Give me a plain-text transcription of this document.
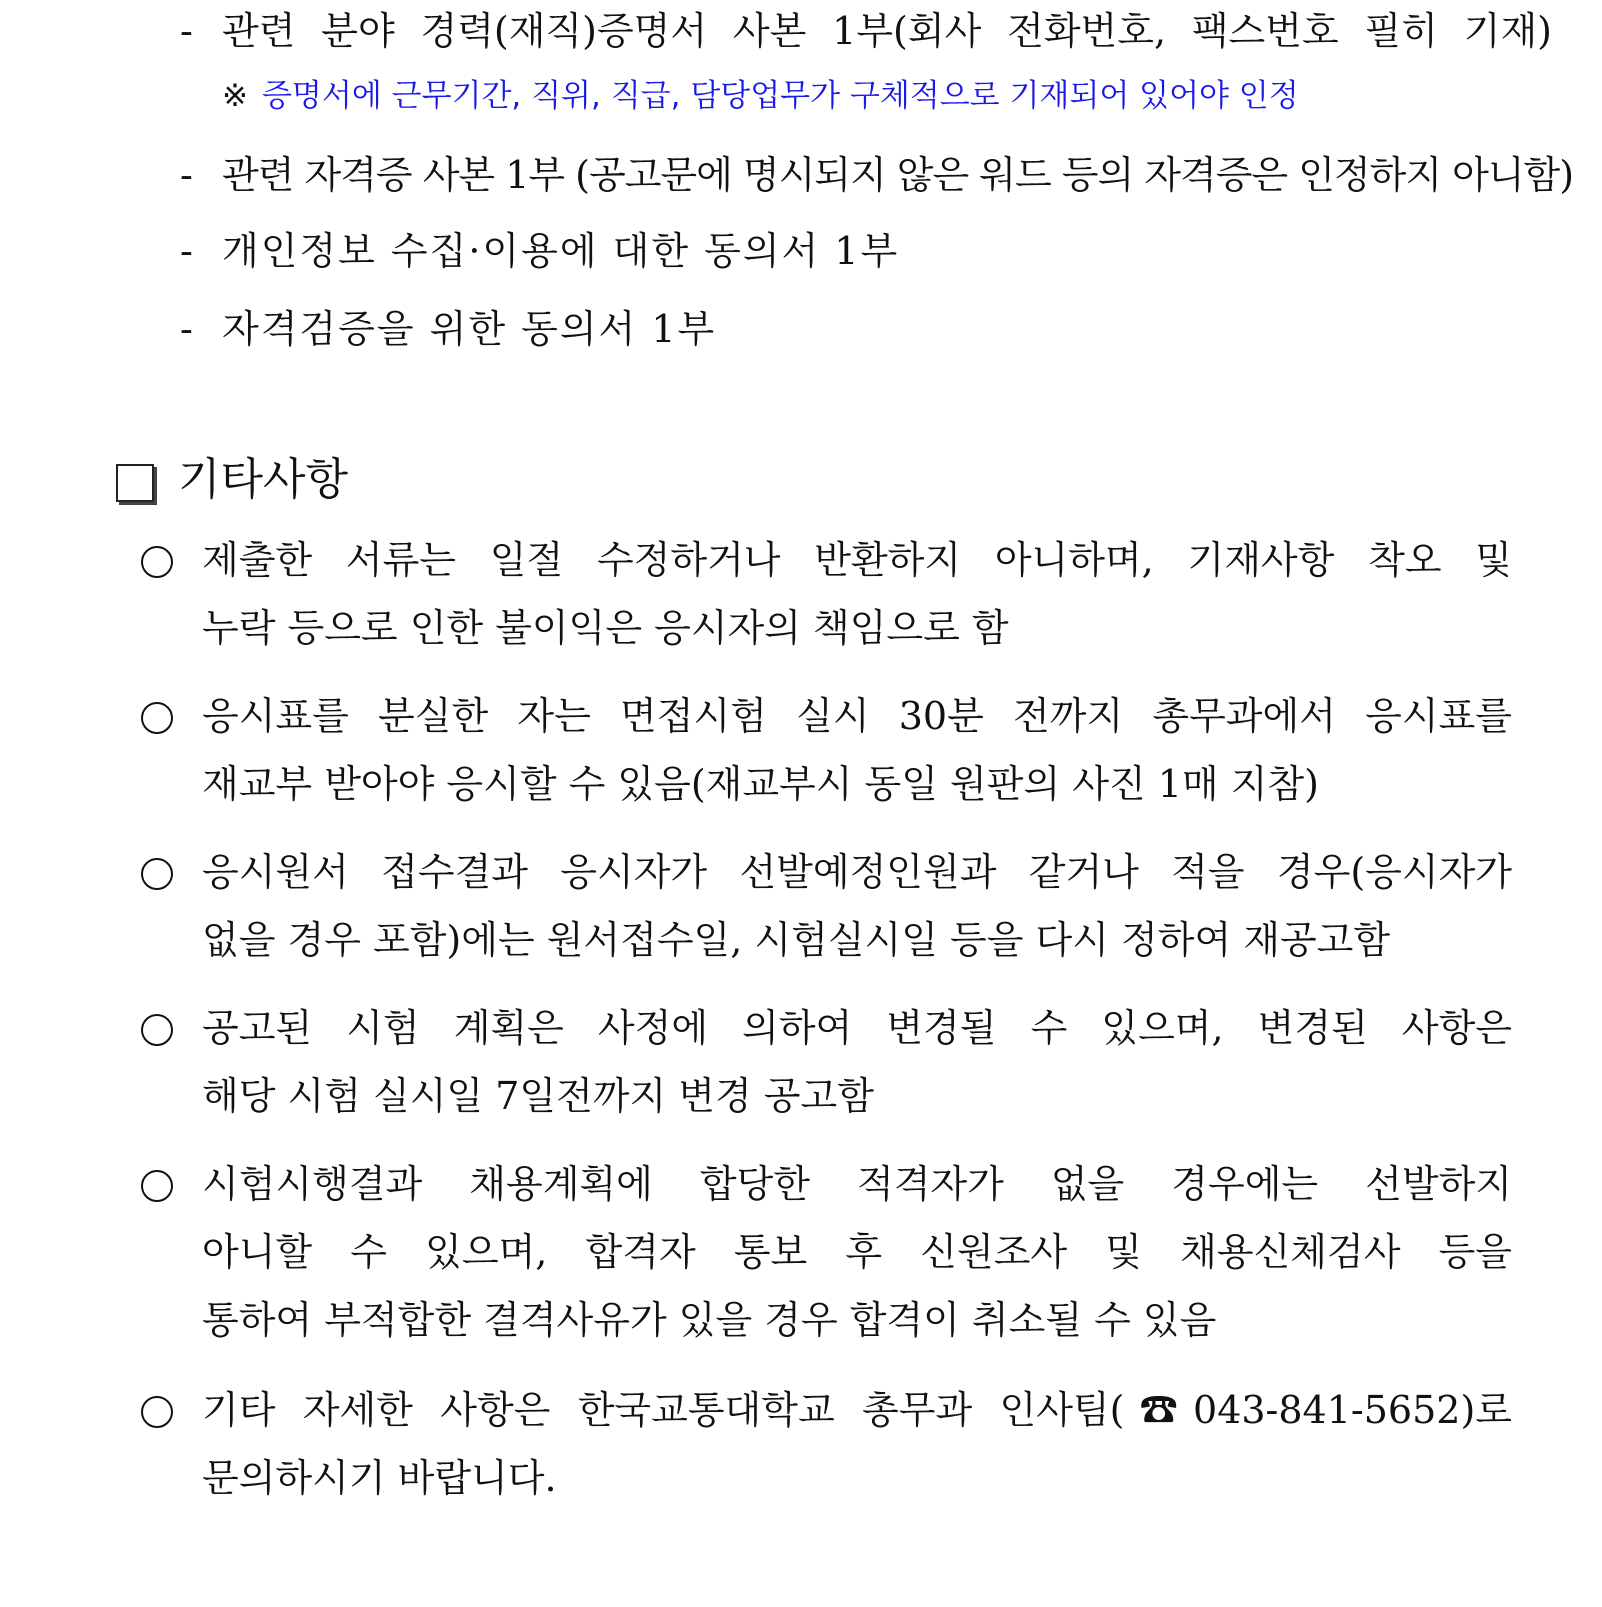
- 관련 분야 경력(재직)증명서 사본 1부(회사 전화번호, 팩스번호 필히 기재)
※ 증명서에 근무기간, 직위, 직급, 담당업무가 구체적으로 기재되어 있어야 인정
- 관련 자격증 사본 1부 (공고문에 명시되지 않은 워드 등의 자격증은 인정하지 아니함)
- 개인정보 수집·이용에 대한 동의서 1부
- 자격검증을 위한 동의서 1부
기타사항
제출한 서류는 일절 수정하거나 반환하지 아니하며, 기재사항 착오 및
누락 등으로 인한 불이익은 응시자의 책임으로 함
응시표를 분실한 자는 면접시험 실시 30분 전까지 총무과에서 응시표를
재교부 받아야 응시할 수 있음(재교부시 동일 원판의 사진 1매 지참)
응시원서 접수결과 응시자가 선발예정인원과 같거나 적을 경우(응시자가
없을 경우 포함)에는 원서접수일, 시험실시일 등을 다시 정하여 재공고함
공고된 시험 계획은 사정에 의하여 변경될 수 있으며, 변경된 사항은
해당 시험 실시일 7일전까지 변경 공고함
시험시행결과 채용계획에 합당한 적격자가 없을 경우에는 선발하지
아니할 수 있으며, 합격자 통보 후 신원조사 및 채용신체검사 등을
통하여 부적합한 결격사유가 있을 경우 합격이 취소될 수 있음
기타 자세한 사항은 한국교통대학교 총무과 인사팀(☎043-841-5652)로
문의하시기 바랍니다.
